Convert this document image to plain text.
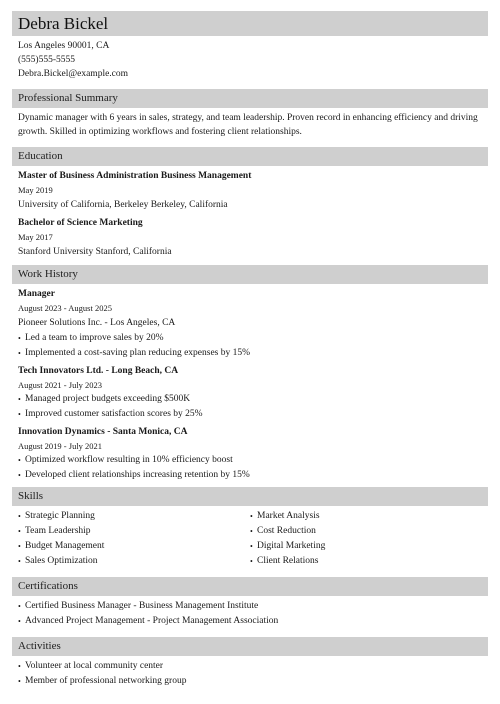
Debra Bickel
Los Angeles 90001, CA
(555)555-5555
Debra.Bickel@example.com
Professional Summary
Dynamic manager with 6 years in sales, strategy, and team leadership. Proven record in enhancing efficiency and driving growth. Skilled in optimizing workflows and fostering client relationships.
Education
Master of Business Administration Business Management
May 2019
University of California, Berkeley Berkeley, California
Bachelor of Science Marketing
May 2017
Stanford University Stanford, California
Work History
Manager
August 2023 - August 2025
Pioneer Solutions Inc. - Los Angeles, CA
• Led a team to improve sales by 20%
• Implemented a cost-saving plan reducing expenses by 15%
Tech Innovators Ltd. - Long Beach, CA
August 2021 - July 2023
• Managed project budgets exceeding $500K
• Improved customer satisfaction scores by 25%
Innovation Dynamics - Santa Monica, CA
August 2019 - July 2021
• Optimized workflow resulting in 10% efficiency boost
• Developed client relationships increasing retention by 15%
Skills
• Strategic Planning
• Team Leadership
• Budget Management
• Sales Optimization
• Market Analysis
• Cost Reduction
• Digital Marketing
• Client Relations
Certifications
• Certified Business Manager - Business Management Institute
• Advanced Project Management - Project Management Association
Activities
• Volunteer at local community center
• Member of professional networking group
